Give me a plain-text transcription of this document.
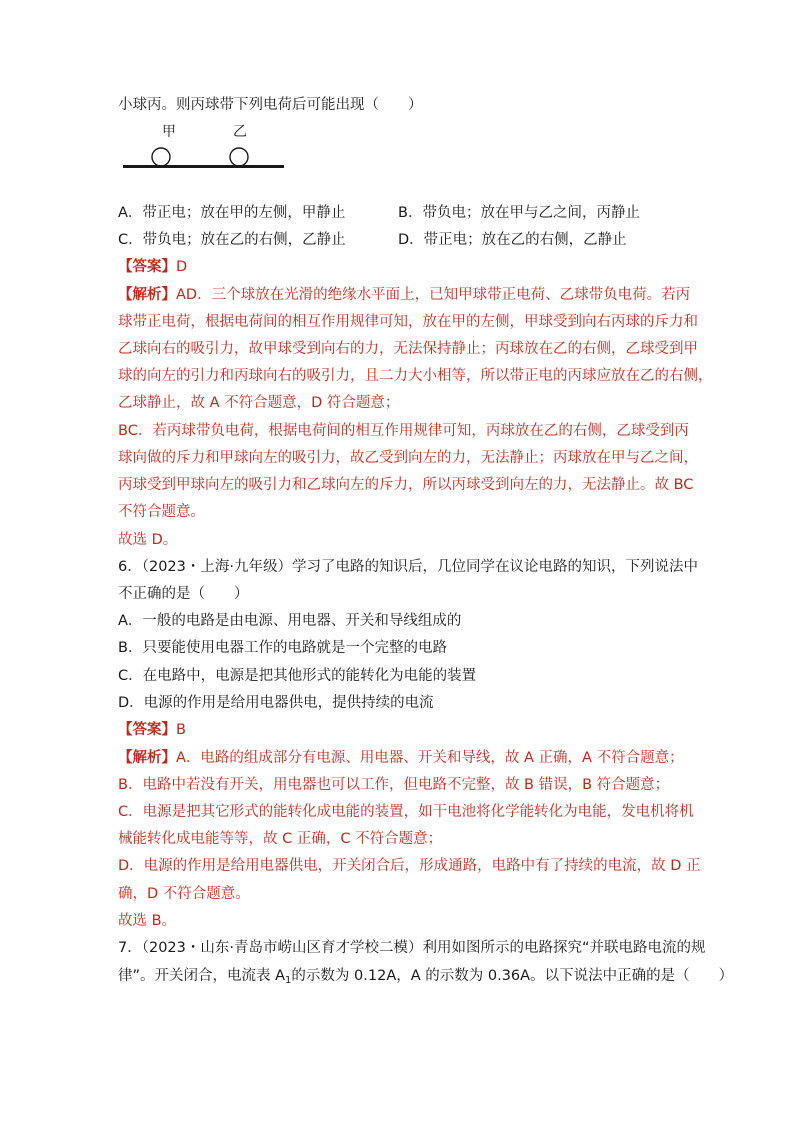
小球丙。则丙球带下列电荷后可能出现（　　）
甲	乙
A．带正电；放在甲的左侧，甲静止	B．带负电；放在甲与乙之间，丙静止
C．带负电；放在乙的右侧，乙静止	D．带正电；放在乙的右侧，乙静止
【答案】D
【解析】AD．三个球放在光滑的绝缘水平面上，已知甲球带正电荷、乙球带负电荷。若丙
球带正电荷，根据电荷间的相互作用规律可知，放在甲的左侧，甲球受到向右丙球的斥力和
乙球向右的吸引力，故甲球受到向右的力，无法保持静止；丙球放在乙的右侧，乙球受到甲
球的向左的引力和丙球向右的吸引力，且二力大小相等，所以带正电的丙球应放在乙的右侧，
乙球静止，故 A 不符合题意，D 符合题意；
BC．若丙球带负电荷，根据电荷间的相互作用规律可知，丙球放在乙的右侧，乙球受到丙
球向做的斥力和甲球向左的吸引力，故乙受到向左的力，无法静止；丙球放在甲与乙之间，
丙球受到甲球向左的吸引力和乙球向左的斥力，所以丙球受到向左的力，无法静止。故 BC
不符合题意。
故选 D。
6．（2023・上海·九年级）学习了电路的知识后，几位同学在议论电路的知识，下列说法中
不正确的是（　　）
A．一般的电路是由电源、用电器、开关和导线组成的
B．只要能使用电器工作的电路就是一个完整的电路
C．在电路中，电源是把其他形式的能转化为电能的装置
D．电源的作用是给用电器供电，提供持续的电流
【答案】B
【解析】A．电路的组成部分有电源、用电器、开关和导线，故 A 正确，A 不符合题意；
B．电路中若没有开关，用电器也可以工作，但电路不完整，故 B 错误，B 符合题意；
C．电源是把其它形式的能转化成电能的装置，如干电池将化学能转化为电能，发电机将机
械能转化成电能等等，故 C 正确，C 不符合题意；
D．电源的作用是给用电器供电，开关闭合后，形成通路，电路中有了持续的电流，故 D 正
确，D 不符合题意。
故选 B。
7．（2023・山东·青岛市崂山区育才学校二模）利用如图所示的电路探究“并联电路电流的规
律”。开关闭合，电流表 $A_1$的示数为 0.12A，A 的示数为 0.36A。以下说法中正确的是（　　）
